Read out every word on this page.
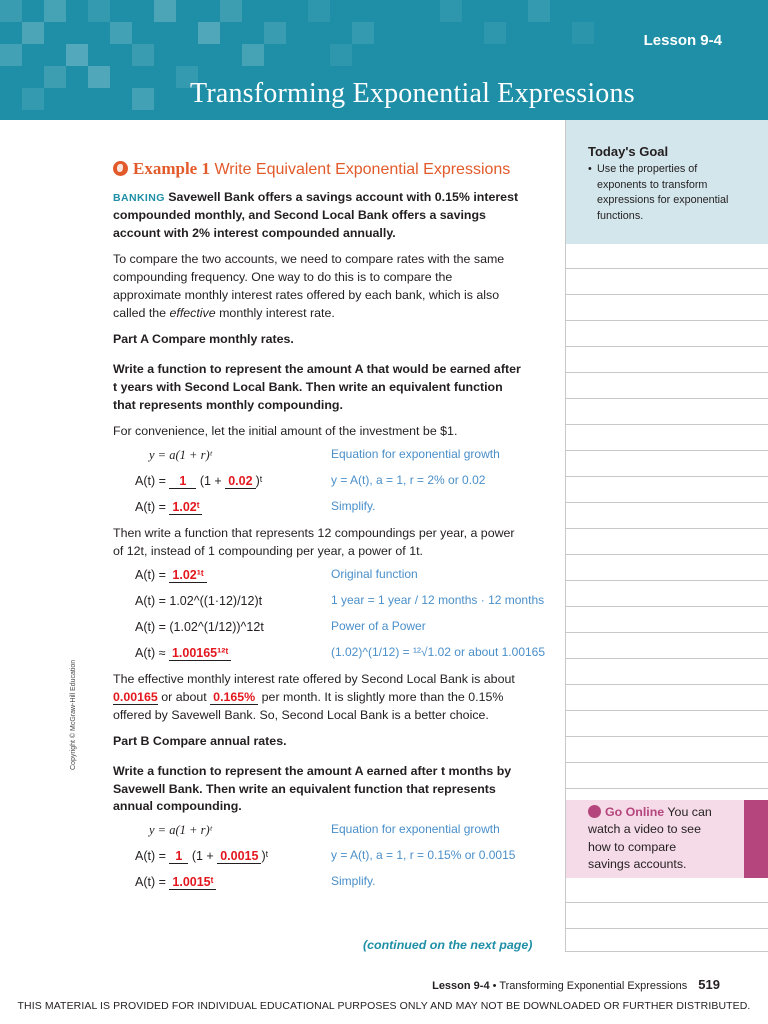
Lesson 9-4
Transforming Exponential Expressions
Example 1 Write Equivalent Exponential Expressions

BANKING Savewell Bank offers a savings account with 0.15% interest compounded monthly, and Second Local Bank offers a savings account with 2% interest compounded annually.

To compare the two accounts, we need to compare rates with the same compounding frequency. One way to do this is to compare the approximate monthly interest rates offered by each bank, which is also called the effective monthly interest rate.

Part A Compare monthly rates.

Write a function to represent the amount A that would be earned after t years with Second Local Bank. Then write an equivalent function that represents monthly compounding.

For convenience, let the initial amount of the investment be $1.

y = a(1 + r)ᵗ	Equation for exponential growth
A(t) = 1 (1 + 0.02 )ᵗ	y = A(t), a = 1, r = 2% or 0.02
A(t) = 1.02ᵗ	Simplify.

Then write a function that represents 12 compoundings per year, a power of 12t, instead of 1 compounding per year, a power of 1t.

A(t) = 1.02¹ᵗ	Original function
A(t) = 1.02^((1·12)/12)t	1 year = 1 year / 12 months · 12 months
A(t) = (1.02^(1/12))^12t	Power of a Power
A(t) ≈ 1.00165¹²ᵗ	(1.02)^(1/12) = ¹²√1.02 or about 1.00165

The effective monthly interest rate offered by Second Local Bank is about 0.00165 or about 0.165% per month. It is slightly more than the 0.15% offered by Savewell Bank. So, Second Local Bank is a better choice.

Part B Compare annual rates.

Write a function to represent the amount A earned after t months by Savewell Bank. Then write an equivalent function that represents annual compounding.

y = a(1 + r)ᵗ	Equation for exponential growth
A(t) = 1 (1 + 0.0015 )ᵗ	y = A(t), a = 1, r = 0.15% or 0.0015
A(t) = 1.0015ᵗ	Simplify.
(continued on the next page)
Today's Goal
• Use the properties of exponents to transform expressions for exponential functions.
Go Online You can watch a video to see how to compare savings accounts.
Copyright © McGraw-Hill Education
Lesson 9-4 • Transforming Exponential Expressions 519
THIS MATERIAL IS PROVIDED FOR INDIVIDUAL EDUCATIONAL PURPOSES ONLY AND MAY NOT BE DOWNLOADED OR FURTHER DISTRIBUTED.
